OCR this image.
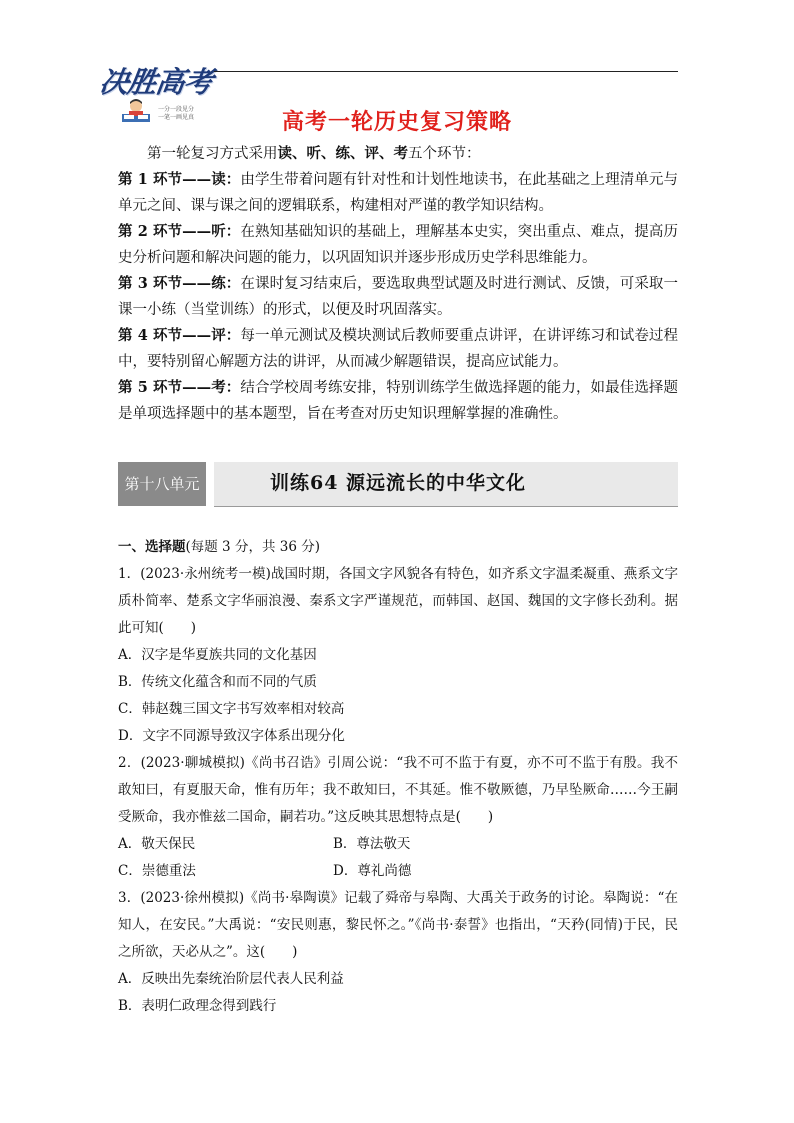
决胜高考
一分一段见分
一笔一画见真	高考一轮历史复习策略

第一轮复习方式采用读、听、练、评、考五个环节：

第 1 环节——读：由学生带着问题有针对性和计划性地读书，在此基础之上理清单元与单元之间、课与课之间的逻辑联系，构建相对严谨的教学知识结构。

第 2 环节——听：在熟知基础知识的基础上，理解基本史实，突出重点、难点，提高历史分析问题和解决问题的能力，以巩固知识并逐步形成历史学科思维能力。

第 3 环节——练：在课时复习结束后，要选取典型试题及时进行测试、反馈，可采取一课一小练（当堂训练）的形式，以便及时巩固落实。

第 4 环节——评：每一单元测试及模块测试后教师要重点讲评，在讲评练习和试卷过程中，要特别留心解题方法的讲评，从而减少解题错误，提高应试能力。

第 5 环节——考：结合学校周考练安排，特别训练学生做选择题的能力，如最佳选择题是单项选择题中的基本题型，旨在考查对历史知识理解掌握的准确性。

第十八单元	训练64 源远流长的中华文化

一、选择题(每题 3 分，共 36 分)

1．(2023·永州统考一模)战国时期，各国文字风貌各有特色，如齐系文字温柔凝重、燕系文字质朴简率、楚系文字华丽浪漫、秦系文字严谨规范，而韩国、赵国、魏国的文字修长劲利。据此可知(　　)

A．汉字是华夏族共同的文化基因
B．传统文化蕴含和而不同的气质
C．韩赵魏三国文字书写效率相对较高
D．文字不同源导致汉字体系出现分化

2．(2023·聊城模拟)《尚书召诰》引周公说：“我不可不监于有夏，亦不可不监于有殷。我不敢知曰，有夏服天命，惟有历年；我不敢知曰，不其延。惟不敬厥德，乃早坠厥命……今王嗣受厥命，我亦惟兹二国命，嗣若功。”这反映其思想特点是(　　)

A．敬天保民	B．尊法敬天
C．崇德重法	D．尊礼尚德

3．(2023·徐州模拟)《尚书·皋陶谟》记载了舜帝与皋陶、大禹关于政务的讨论。皋陶说：“在知人，在安民。”大禹说：“安民则惠，黎民怀之。”《尚书·泰誓》也指出，“天矜(同情)于民，民之所欲，天必从之”。这(　　)

A．反映出先秦统治阶层代表人民利益
B．表明仁政理念得到践行
